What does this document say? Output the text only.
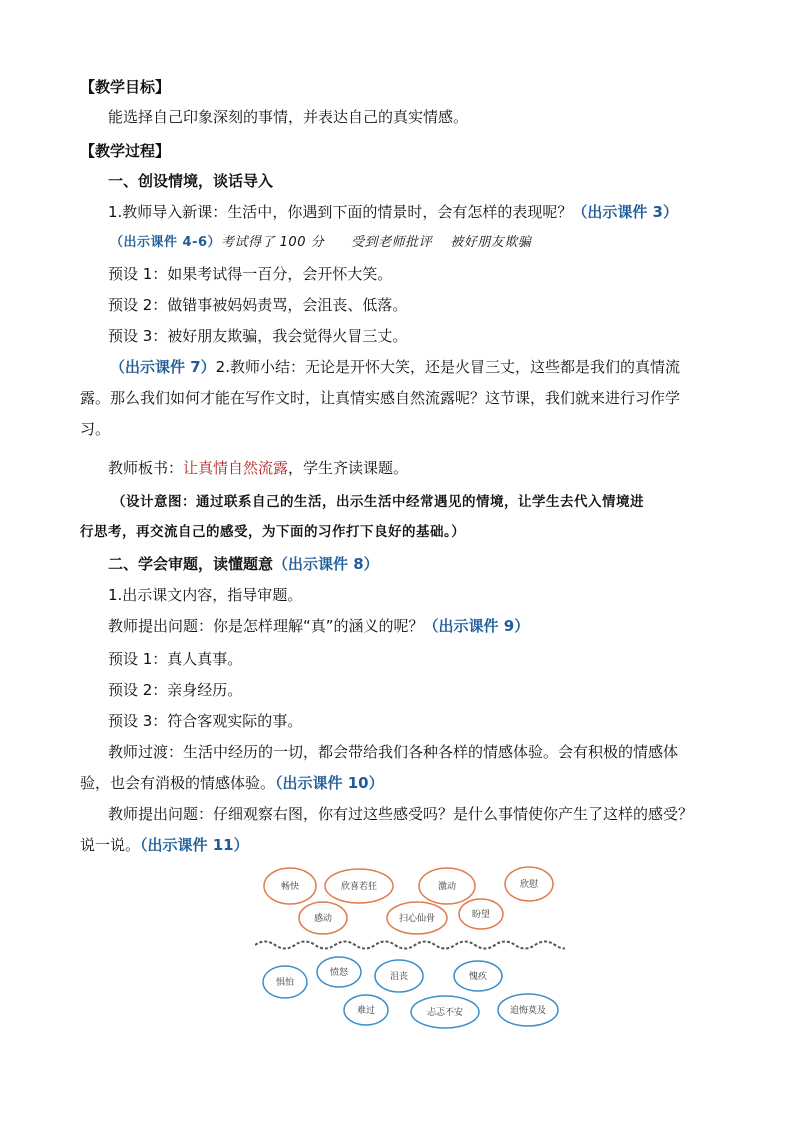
【教学目标】
能选择自己印象深刻的事情，并表达自己的真实情感。
【教学过程】
一、创设情境，谈话导入
1.教师导入新课：生活中，你遇到下面的情景时，会有怎样的表现呢？（出示课件 3）
（出示课件 4-6）考试得了 100 分　　受到老师批评　 被好朋友欺骗
预设 1：如果考试得一百分，会开怀大笑。
预设 2：做错事被妈妈责骂，会沮丧、低落。
预设 3：被好朋友欺骗，我会觉得火冒三丈。
（出示课件 7）2.教师小结：无论是开怀大笑，还是火冒三丈，这些都是我们的真情流
露。那么我们如何才能在写作文时，让真情实感自然流露呢？这节课，我们就来进行习作学
习。
教师板书：让真情自然流露，学生齐读课题。
（设计意图：通过联系自己的生活，出示生活中经常遇见的情境，让学生去代入情境进
行思考，再交流自己的感受，为下面的习作打下良好的基础。）
二、学会审题，读懂题意（出示课件 8）
1.出示课文内容，指导审题。
教师提出问题：你是怎样理解“真”的涵义的呢？（出示课件 9）
预设 1：真人真事。
预设 2：亲身经历。
预设 3：符合客观实际的事。
教师过渡：生活中经历的一切，都会带给我们各种各样的情感体验。会有积极的情感体
验，也会有消极的情感体验。（出示课件 10）
教师提出问题：仔细观察右图，你有过这些感受吗？是什么事情使你产生了这样的感受？
说一说。（出示课件 11）
畅快	欣喜若狂	激动	欣慰
感动	扫心仙骨	盼望
惧怕
愤怒	沮丧	愧疚
难过	忐忑不安	追悔莫及
